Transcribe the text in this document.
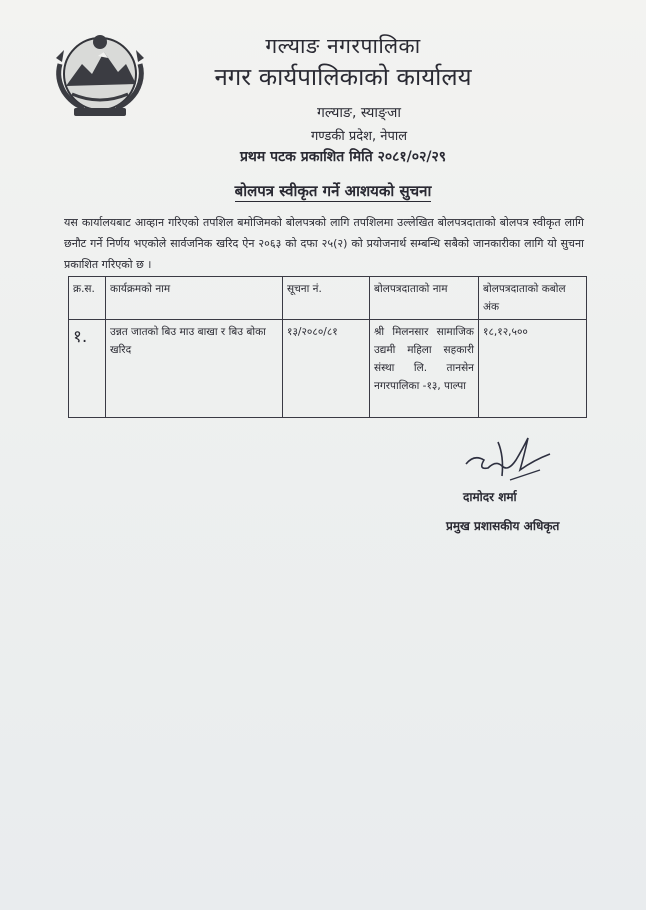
गल्याङ नगरपालिका
नगर कार्यपालिकाको कार्यालय
गल्याङ, स्याङ्जा
गण्डकी प्रदेश, नेपाल
प्रथम पटक प्रकाशित मिति २०८१/०२/२९
बोलपत्र स्वीकृत गर्ने आशयको सुचना
यस कार्यालयबाट आव्हान गरिएको तपशिल बमोजिमको बोलपत्रको लागि तपशिलमा उल्लेखित बोलपत्रदाताको बोलपत्र स्वीकृत लागि छनौट गर्ने निर्णय भएकोले सार्वजनिक खरिद ऐन २०६३ को दफा २५(२) को प्रयोजनार्थ सम्बन्धि सबैको जानकारीका लागि यो सुचना प्रकाशित गरिएको छ ।
क्र.स.	कार्यक्रमको नाम	सूचना नं.	बोलपत्रदाताको नाम	बोलपत्रदाताको कबोल अंक
१.	उन्नत जातको बिउ माउ बाखा र बिउ बोका खरिद	१३/२०८०/८१	श्री मिलनसार सामाजिक उद्यमी महिला सहकारी संस्था लि. तानसेन नगरपालिका -१३, पाल्पा	१८,१२,५००
दामोदर शर्मा
प्रमुख प्रशासकीय अधिकृत
